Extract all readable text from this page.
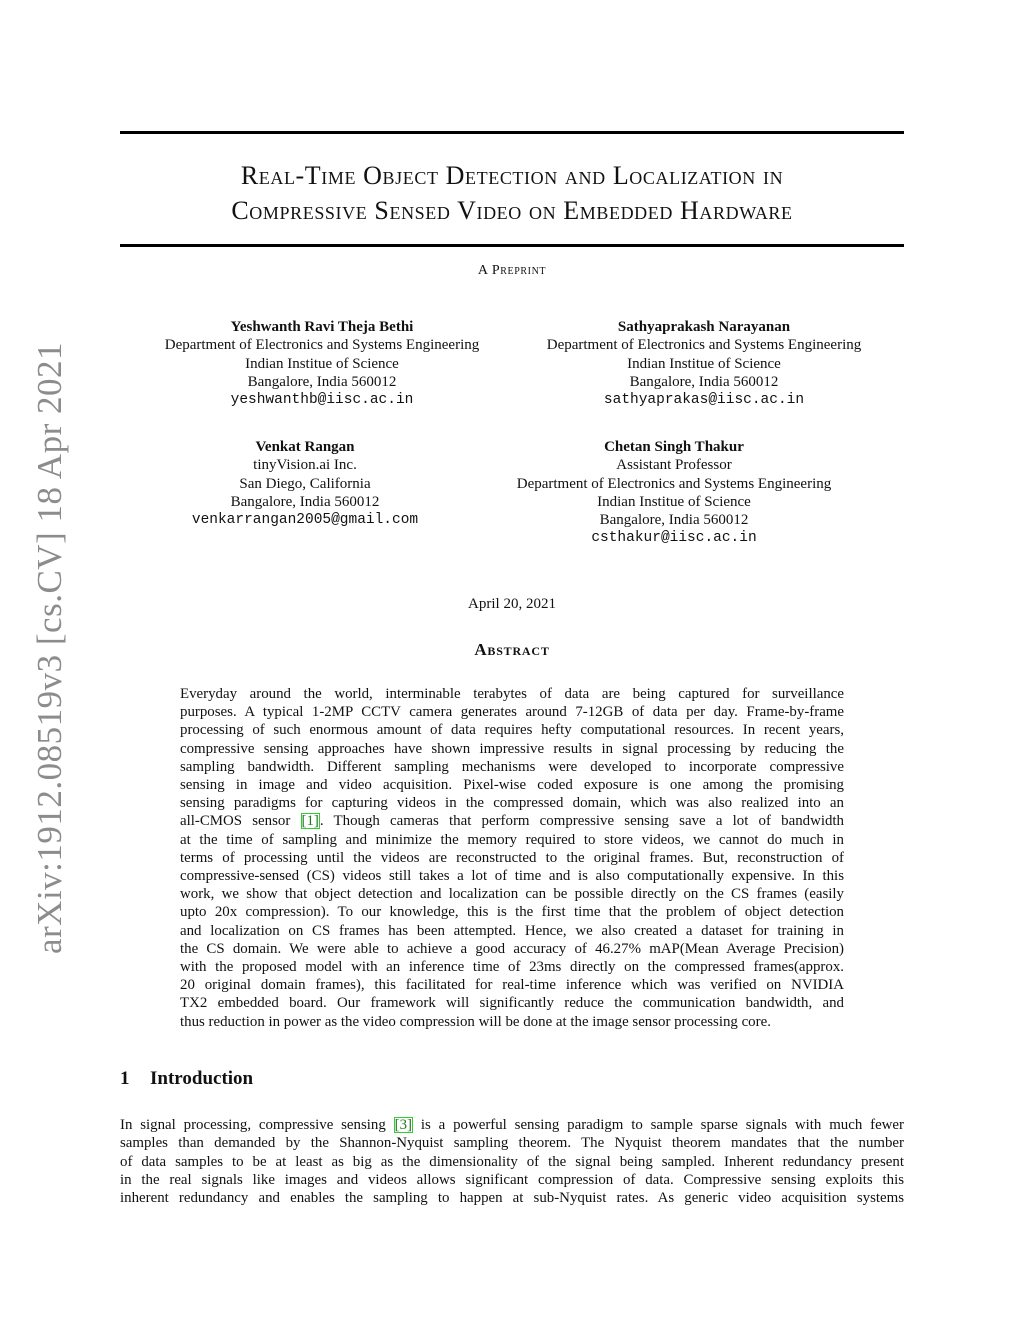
arXiv:1912.08519v3 [cs.CV] 18 Apr 2021
Real-Time Object Detection and Localization in
Compressive Sensed Video on Embedded Hardware
A Preprint
Yeshwanth Ravi Theja Bethi
Department of Electronics and Systems Engineering
Indian Institue of Science
Bangalore, India 560012
yeshwanthb@iisc.ac.in
Sathyaprakash Narayanan
Department of Electronics and Systems Engineering
Indian Institue of Science
Bangalore, India 560012
sathyaprakas@iisc.ac.in
Venkat Rangan
tinyVision.ai Inc.
San Diego, California
Bangalore, India 560012
venkarrangan2005@gmail.com
Chetan Singh Thakur
Assistant Professor
Department of Electronics and Systems Engineering
Indian Institue of Science
Bangalore, India 560012
csthakur@iisc.ac.in
April 20, 2021
Abstract
Everyday around the world, interminable terabytes of data are being captured for surveillance
purposes. A typical 1-2MP CCTV camera generates around 7-12GB of data per day. Frame-by-frame
processing of such enormous amount of data requires hefty computational resources. In recent years,
compressive sensing approaches have shown impressive results in signal processing by reducing the
sampling bandwidth. Different sampling mechanisms were developed to incorporate compressive
sensing in image and video acquisition. Pixel-wise coded exposure is one among the promising
sensing paradigms for capturing videos in the compressed domain, which was also realized into an
all-CMOS sensor [1]. Though cameras that perform compressive sensing save a lot of bandwidth
at the time of sampling and minimize the memory required to store videos, we cannot do much in
terms of processing until the videos are reconstructed to the original frames. But, reconstruction of
compressive-sensed (CS) videos still takes a lot of time and is also computationally expensive. In this
work, we show that object detection and localization can be possible directly on the CS frames (easily
upto 20x compression). To our knowledge, this is the first time that the problem of object detection
and localization on CS frames has been attempted. Hence, we also created a dataset for training in
the CS domain. We were able to achieve a good accuracy of 46.27% mAP(Mean Average Precision)
with the proposed model with an inference time of 23ms directly on the compressed frames(approx.
20 original domain frames), this facilitated for real-time inference which was verified on NVIDIA
TX2 embedded board. Our framework will significantly reduce the communication bandwidth, and
thus reduction in power as the video compression will be done at the image sensor processing core.
1 Introduction
In signal processing, compressive sensing [3] is a powerful sensing paradigm to sample sparse signals with much fewer
samples than demanded by the Shannon-Nyquist sampling theorem. The Nyquist theorem mandates that the number
of data samples to be at least as big as the dimensionality of the signal being sampled. Inherent redundancy present
in the real signals like images and videos allows significant compression of data. Compressive sensing exploits this
inherent redundancy and enables the sampling to happen at sub-Nyquist rates. As generic video acquisition systems
